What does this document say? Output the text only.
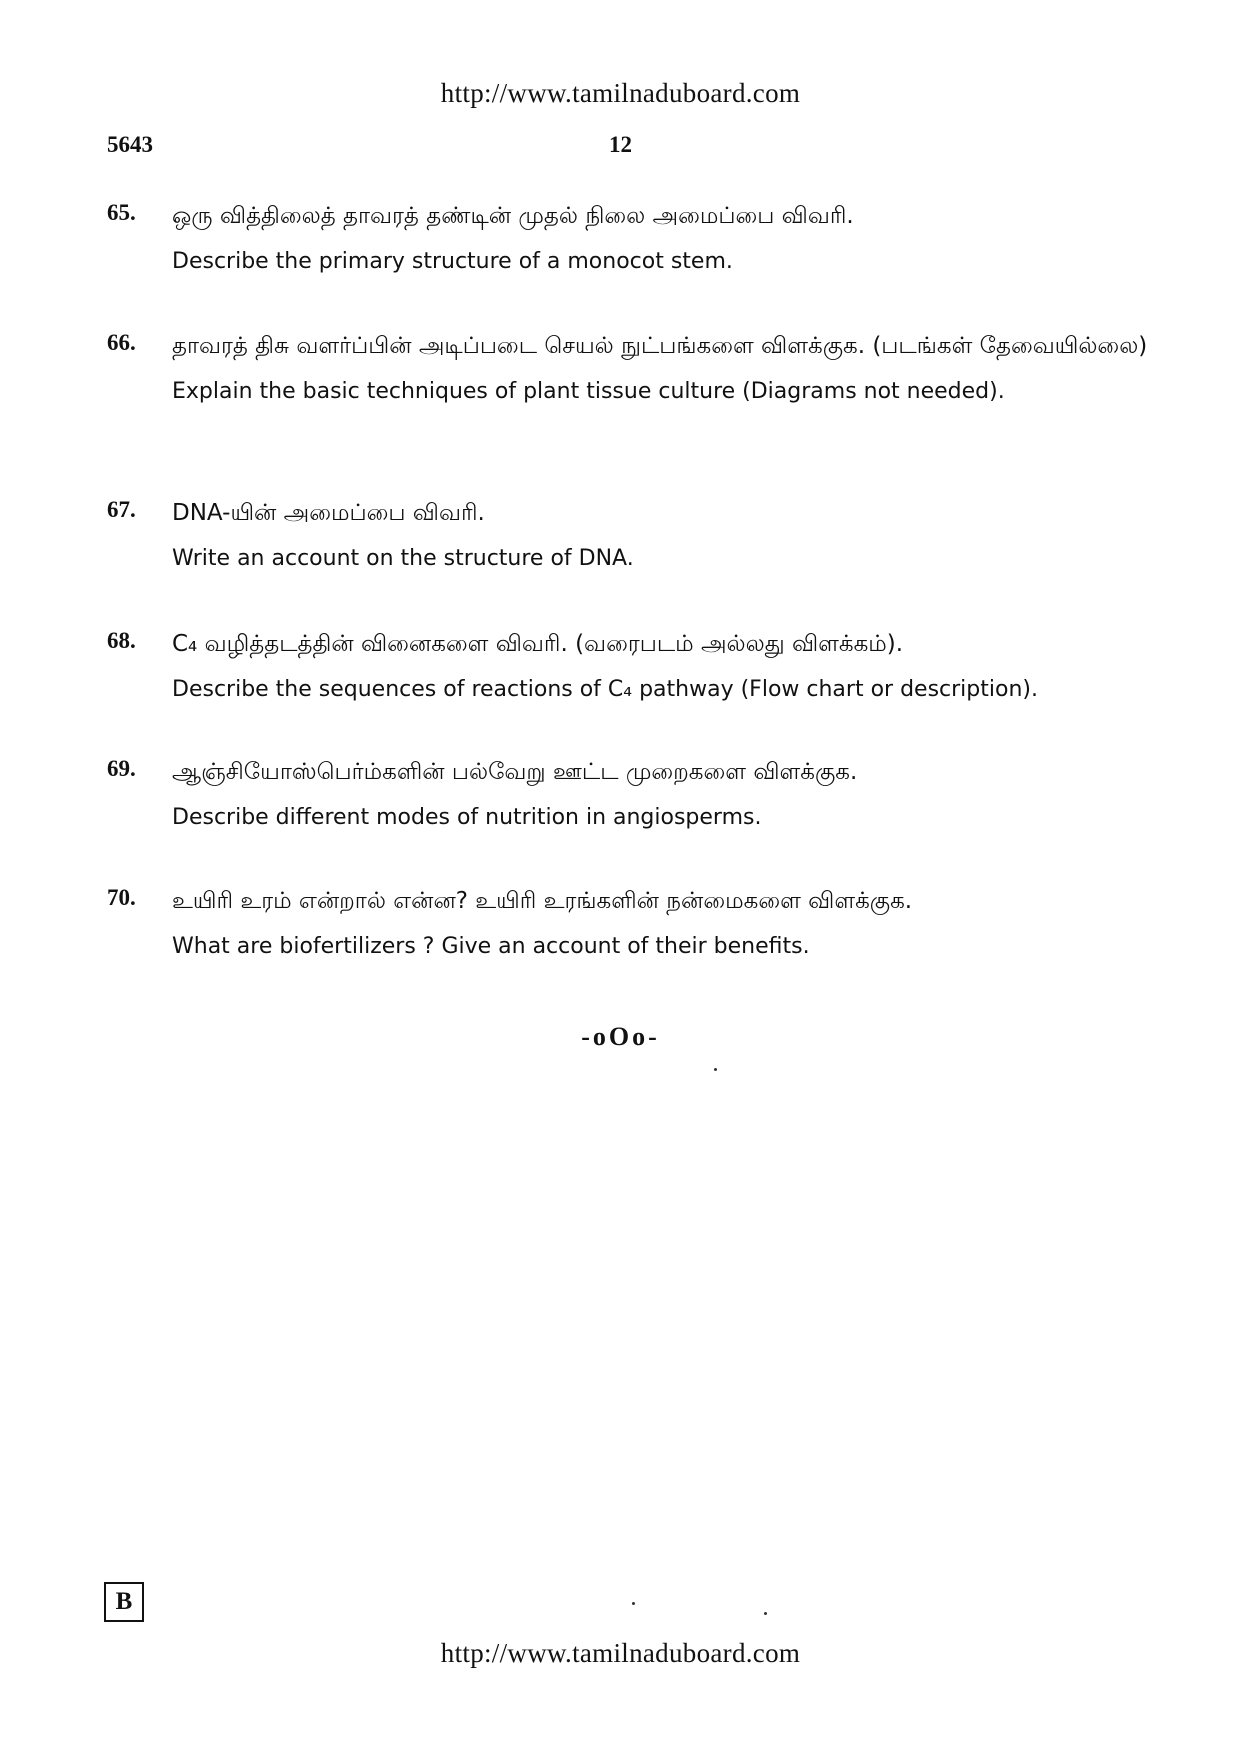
http://www.tamilnaduboard.com
5643	12
65. ஒரு வித்திலைத் தாவரத் தண்டின் முதல் நிலை அமைப்பை விவரி.
Describe the primary structure of a monocot stem.
66. தாவரத் திசு வளர்ப்பின் அடிப்படை செயல் நுட்பங்களை விளக்குக. (படங்கள் தேவையில்லை)
Explain the basic techniques of plant tissue culture (Diagrams not needed).
67. DNA-யின் அமைப்பை விவரி.
Write an account on the structure of DNA.
68. C₄ வழித்தடத்தின் வினைகளை விவரி. (வரைபடம் அல்லது விளக்கம்).
Describe the sequences of reactions of C₄ pathway (Flow chart or description).
69. ஆஞ்சியோஸ்பெர்ம்களின் பல்வேறு ஊட்ட முறைகளை விளக்குக.
Describe different modes of nutrition in angiosperms.
70. உயிரி உரம் என்றால் என்ன? உயிரி உரங்களின் நன்மைகளை விளக்குக.
What are biofertilizers ? Give an account of their benefits.
-oOo-
B
http://www.tamilnaduboard.com
